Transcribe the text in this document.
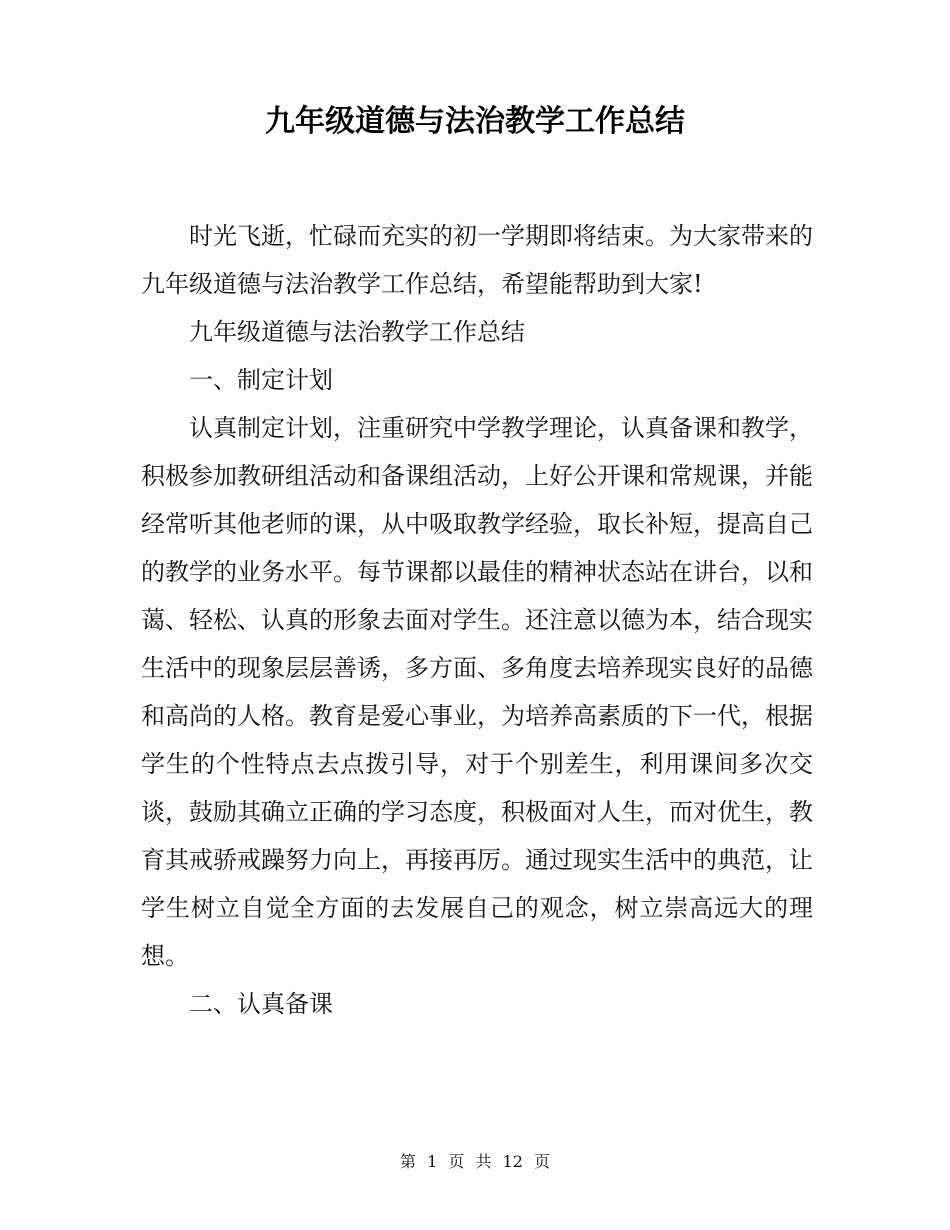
九年级道德与法治教学工作总结

时光飞逝，忙碌而充实的初一学期即将结束。为大家带来的九年级道德与法治教学工作总结，希望能帮助到大家!

九年级道德与法治教学工作总结

一、制定计划

认真制定计划，注重研究中学教学理论，认真备课和教学，积极参加教研组活动和备课组活动，上好公开课和常规课，并能经常听其他老师的课，从中吸取教学经验，取长补短，提高自己的教学的业务水平。每节课都以最佳的精神状态站在讲台，以和蔼、轻松、认真的形象去面对学生。还注意以德为本，结合现实生活中的现象层层善诱，多方面、多角度去培养现实良好的品德和高尚的人格。教育是爱心事业，为培养高素质的下一代，根据学生的个性特点去点拨引导，对于个别差生，利用课间多次交谈，鼓励其确立正确的学习态度，积极面对人生，而对优生，教育其戒骄戒躁努力向上，再接再厉。通过现实生活中的典范，让学生树立自觉全方面的去发展自己的观念，树立崇高远大的理想。

二、认真备课

第 1 页 共 12 页
